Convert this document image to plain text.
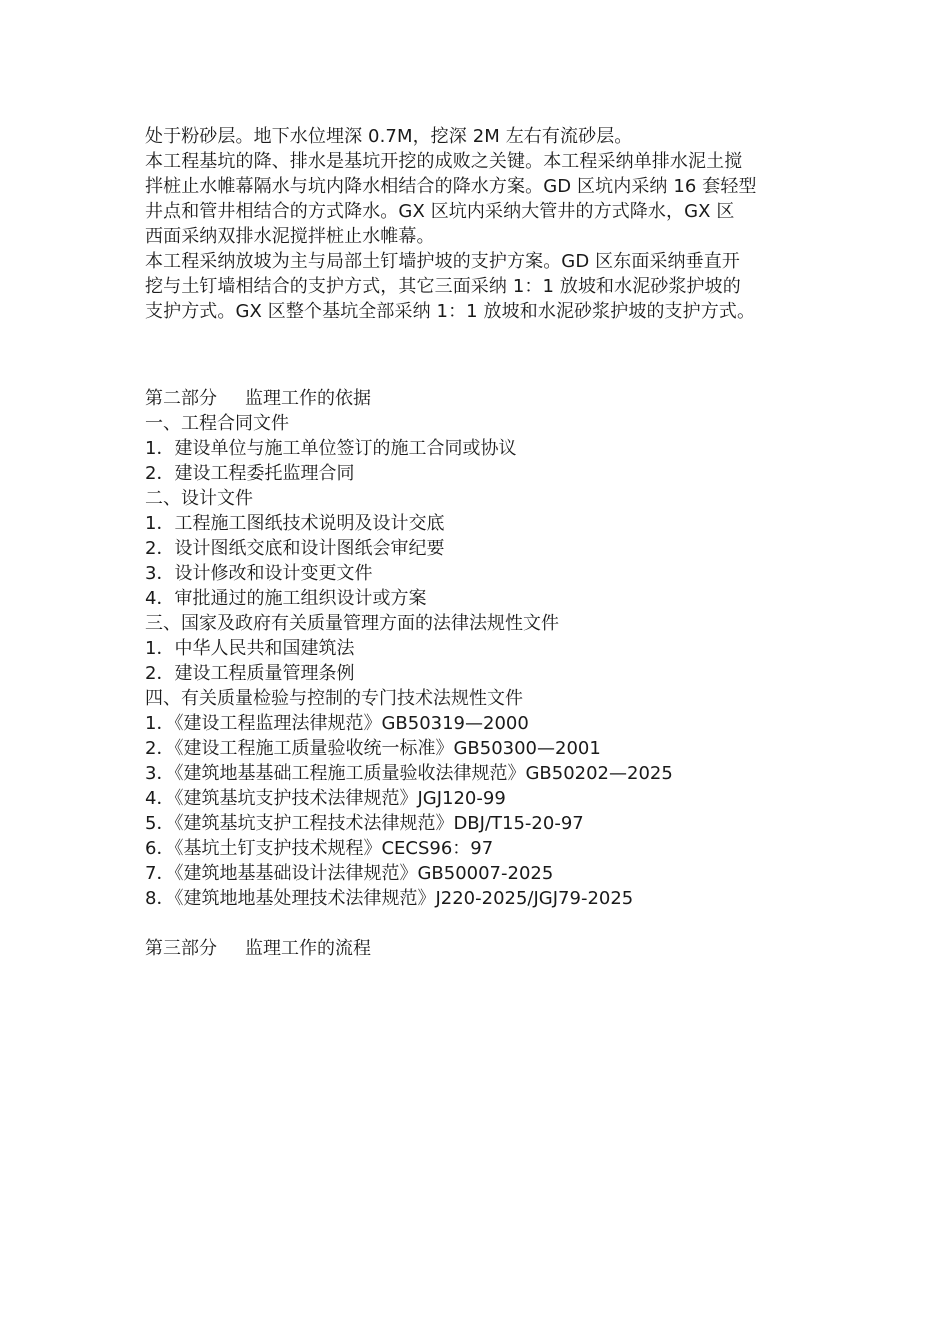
处于粉砂层。地下水位埋深 0.7M，挖深 2M 左右有流砂层。
本工程基坑的降、排水是基坑开挖的成败之关键。本工程采纳单排水泥土搅
拌桩止水帷幕隔水与坑内降水相结合的降水方案。GD 区坑内采纳 16 套轻型
井点和管井相结合的方式降水。GX 区坑内采纳大管井的方式降水，GX 区
西面采纳双排水泥搅拌桩止水帷幕。
本工程采纳放坡为主与局部土钉墙护坡的支护方案。GD 区东面采纳垂直开
挖与土钉墙相结合的支护方式，其它三面采纳 1：1 放坡和水泥砂浆护坡的
支护方式。GX 区整个基坑全部采纳 1：1 放坡和水泥砂浆护坡的支护方式。
第二部分 监理工作的依据
一、工程合同文件
1．建设单位与施工单位签订的施工合同或协议
2．建设工程委托监理合同
二、设计文件
1．工程施工图纸技术说明及设计交底
2．设计图纸交底和设计图纸会审纪要
3．设计修改和设计变更文件
4．审批通过的施工组织设计或方案
三、国家及政府有关质量管理方面的法律法规性文件
1．中华人民共和国建筑法
2．建设工程质量管理条例
四、有关质量检验与控制的专门技术法规性文件
1．《建设工程监理法律规范》GB50319—2000
2．《建设工程施工质量验收统一标准》GB50300—2001
3．《建筑地基基础工程施工质量验收法律规范》GB50202—2025
4．《建筑基坑支护技术法律规范》JGJ120-99
5．《建筑基坑支护工程技术法律规范》DBJ/T15-20-97
6．《基坑土钉支护技术规程》CECS96：97
7．《建筑地基基础设计法律规范》GB50007-2025
8．《建筑地地基处理技术法律规范》J220-2025/JGJ79-2025
第三部分 监理工作的流程
